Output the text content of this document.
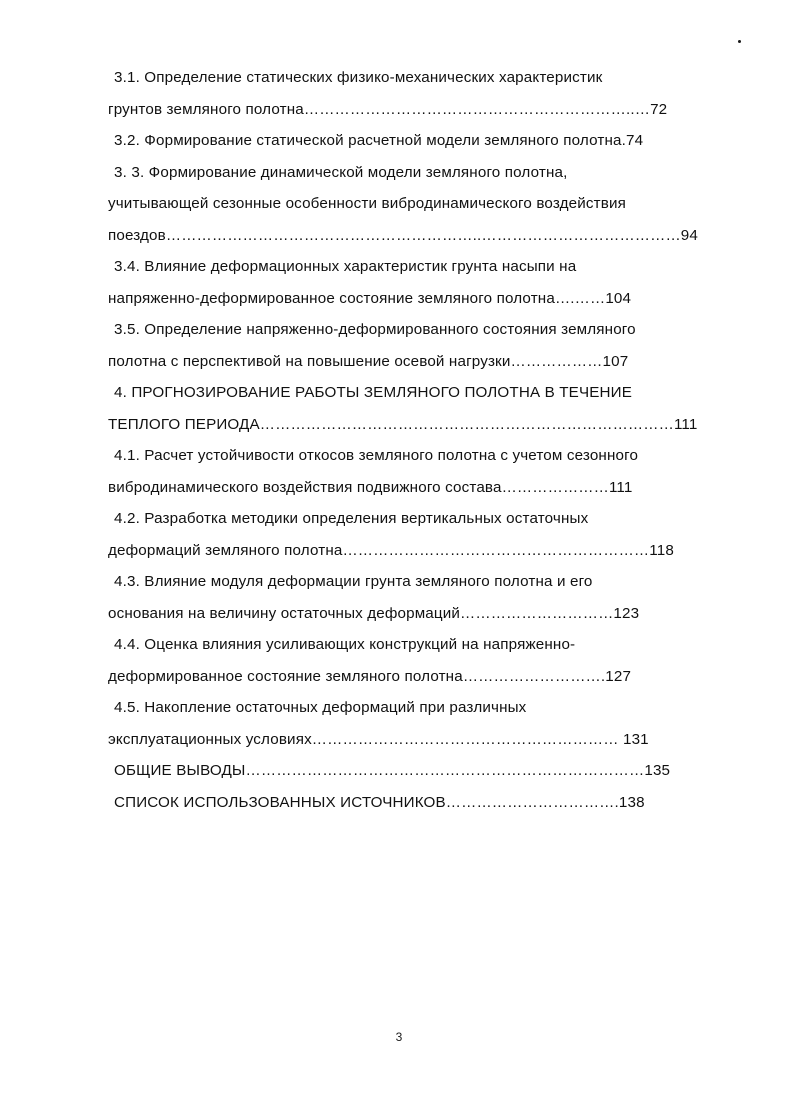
3.1. Определение статических физико-механических характеристик
грунтов земляного полотна………………………………………………………..…72
3.2. Формирование статической расчетной модели земляного полотна.74
3. 3. Формирование динамической модели земляного полотна,
учитывающей сезонные особенности вибродинамического воздействия
поездов……………………………………………………..…………………………………94
3.4. Влияние деформационных характеристик грунта насыпи на
напряженно-деформированное состояние земляного полотна….……104
3.5. Определение напряженно-деформированного состояния земляного
полотна с перспективой на повышение осевой нагрузки………………107
4. ПРОГНОЗИРОВАНИЕ РАБОТЫ ЗЕМЛЯНОГО ПОЛОТНА В ТЕЧЕНИЕ
ТЕПЛОГО ПЕРИОДА………………………………………………………………………111
4.1. Расчет устойчивости откосов земляного полотна с учетом сезонного
вибродинамического воздействия подвижного состава…………………111
4.2. Разработка методики определения вертикальных остаточных
деформаций земляного полотна……………………………………………………118
4.3. Влияние модуля деформации грунта земляного полотна и его
основания на величину остаточных деформаций…………………………123
4.4. Оценка влияния усиливающих конструкций на напряженно-
деформированное состояние земляного полотна……………………….127
4.5. Накопление остаточных деформаций при различных
эксплуатационных условиях…………………………………………………… 131
ОБЩИЕ ВЫВОДЫ……………………………………………………………………135
СПИСОК ИСПОЛЬЗОВАННЫХ ИСТОЧНИКОВ…………………………….138
3
